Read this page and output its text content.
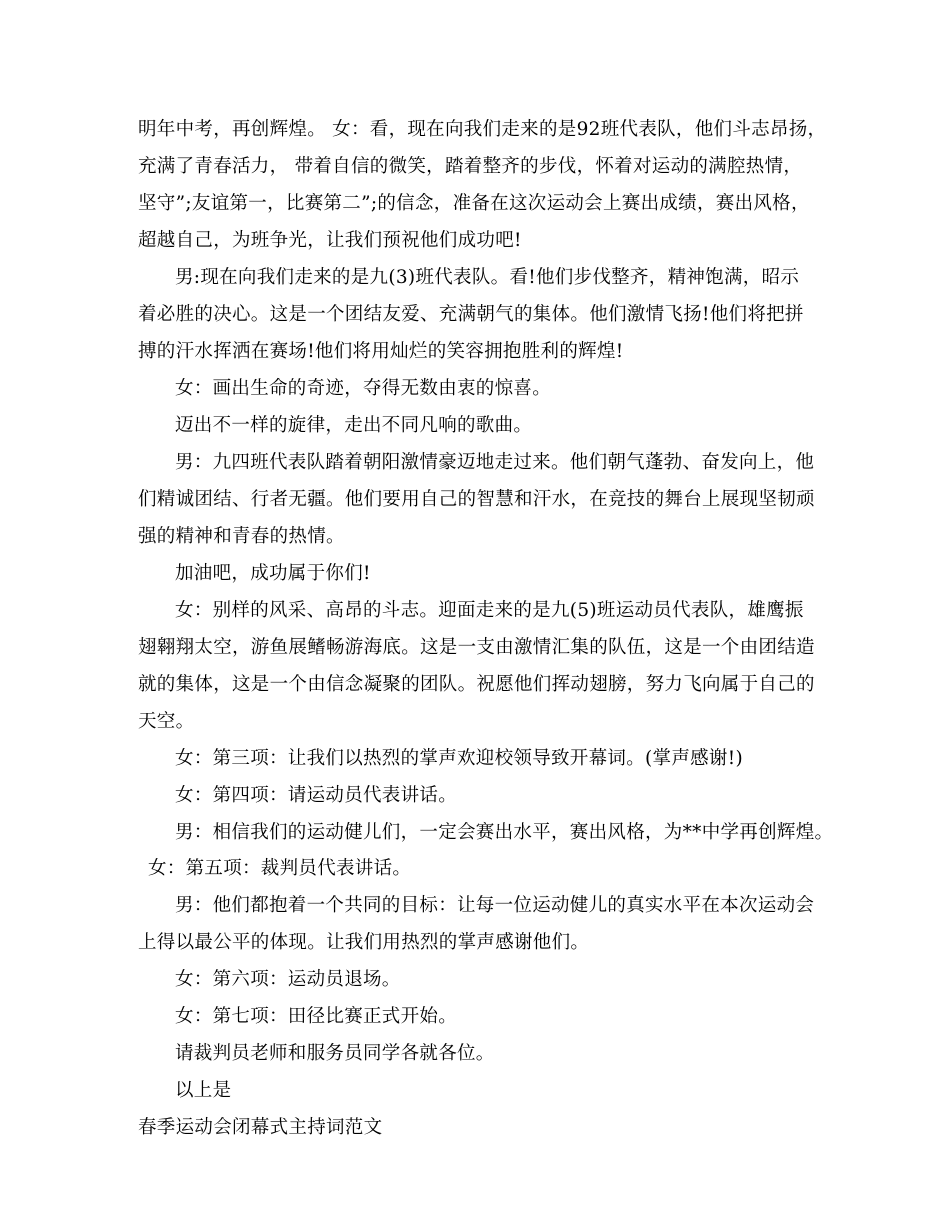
明年中考，再创辉煌。 女：看，现在向我们走来的是92班代表队，他们斗志昂扬，
充满了青春活力， 带着自信的微笑，踏着整齐的步伐，怀着对运动的满腔热情，
坚守”;友谊第一，比赛第二”;的信念，准备在这次运动会上赛出成绩，赛出风格，
超越自己，为班争光，让我们预祝他们成功吧!
男:现在向我们走来的是九(3)班代表队。看!他们步伐整齐，精神饱满，昭示
着必胜的决心。这是一个团结友爱、充满朝气的集体。他们激情飞扬!他们将把拼
搏的汗水挥洒在赛场!他们将用灿烂的笑容拥抱胜利的辉煌!
女：画出生命的奇迹，夺得无数由衷的惊喜。
迈出不一样的旋律，走出不同凡响的歌曲。
男：九四班代表队踏着朝阳激情豪迈地走过来。他们朝气蓬勃、奋发向上，他
们精诚团结、行者无疆。他们要用自己的智慧和汗水，在竞技的舞台上展现坚韧顽
强的精神和青春的热情。
加油吧，成功属于你们!
女：别样的风采、高昂的斗志。迎面走来的是九(5)班运动员代表队，雄鹰振
翅翱翔太空，游鱼展鳍畅游海底。这是一支由激情汇集的队伍，这是一个由团结造
就的集体，这是一个由信念凝聚的团队。祝愿他们挥动翅膀，努力飞向属于自己的
天空。
女：第三项：让我们以热烈的掌声欢迎校领导致开幕词。(掌声感谢!)
女：第四项：请运动员代表讲话。
男：相信我们的运动健儿们，一定会赛出水平，赛出风格，为**中学再创辉煌。
女：第五项：裁判员代表讲话。
男：他们都抱着一个共同的目标：让每一位运动健儿的真实水平在本次运动会
上得以最公平的体现。让我们用热烈的掌声感谢他们。
女：第六项：运动员退场。
女：第七项：田径比赛正式开始。
请裁判员老师和服务员同学各就各位。
以上是
春季运动会闭幕式主持词范文
